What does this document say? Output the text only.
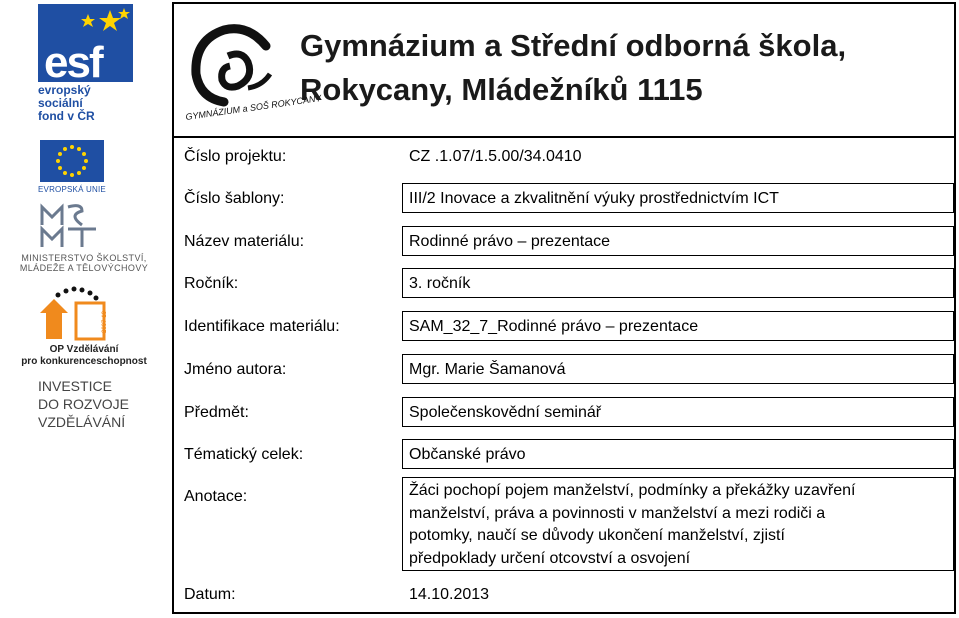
esf
evropský
sociální
fond v ČR
EVROPSKÁ UNIE
MINISTERSTVO ŠKOLSTVÍ,
MLÁDEŽE A TĚLOVÝCHOVY
2007-13
OP Vzdělávání
pro konkurenceschopnost
INVESTICE
DO ROZVOJE
VZDĚLÁVÁNÍ
GYMNÁZIUM a SOŠ ROKYCANY
Gymnázium a Střední odborná škola,
Rokycany, Mládežníků 1115
Číslo projektu:	CZ .1.07/1.5.00/34.0410
Číslo šablony:	III/2 Inovace a zkvalitnění výuky prostřednictvím ICT
Název materiálu:	Rodinné právo – prezentace
Ročník:	3. ročník
Identifikace materiálu:	SAM_32_7_Rodinné právo – prezentace
Jméno autora:	Mgr. Marie Šamanová
Předmět:	Společenskovědní seminář
Tématický celek:	Občanské právo
Anotace:	Žáci pochopí pojem manželství, podmínky a překážky uzavření
manželství, práva a povinnosti v manželství a mezi rodiči a
potomky, naučí se důvody ukončení manželství, zjistí
předpoklady určení otcovství a osvojení
Datum:	14.10.2013
